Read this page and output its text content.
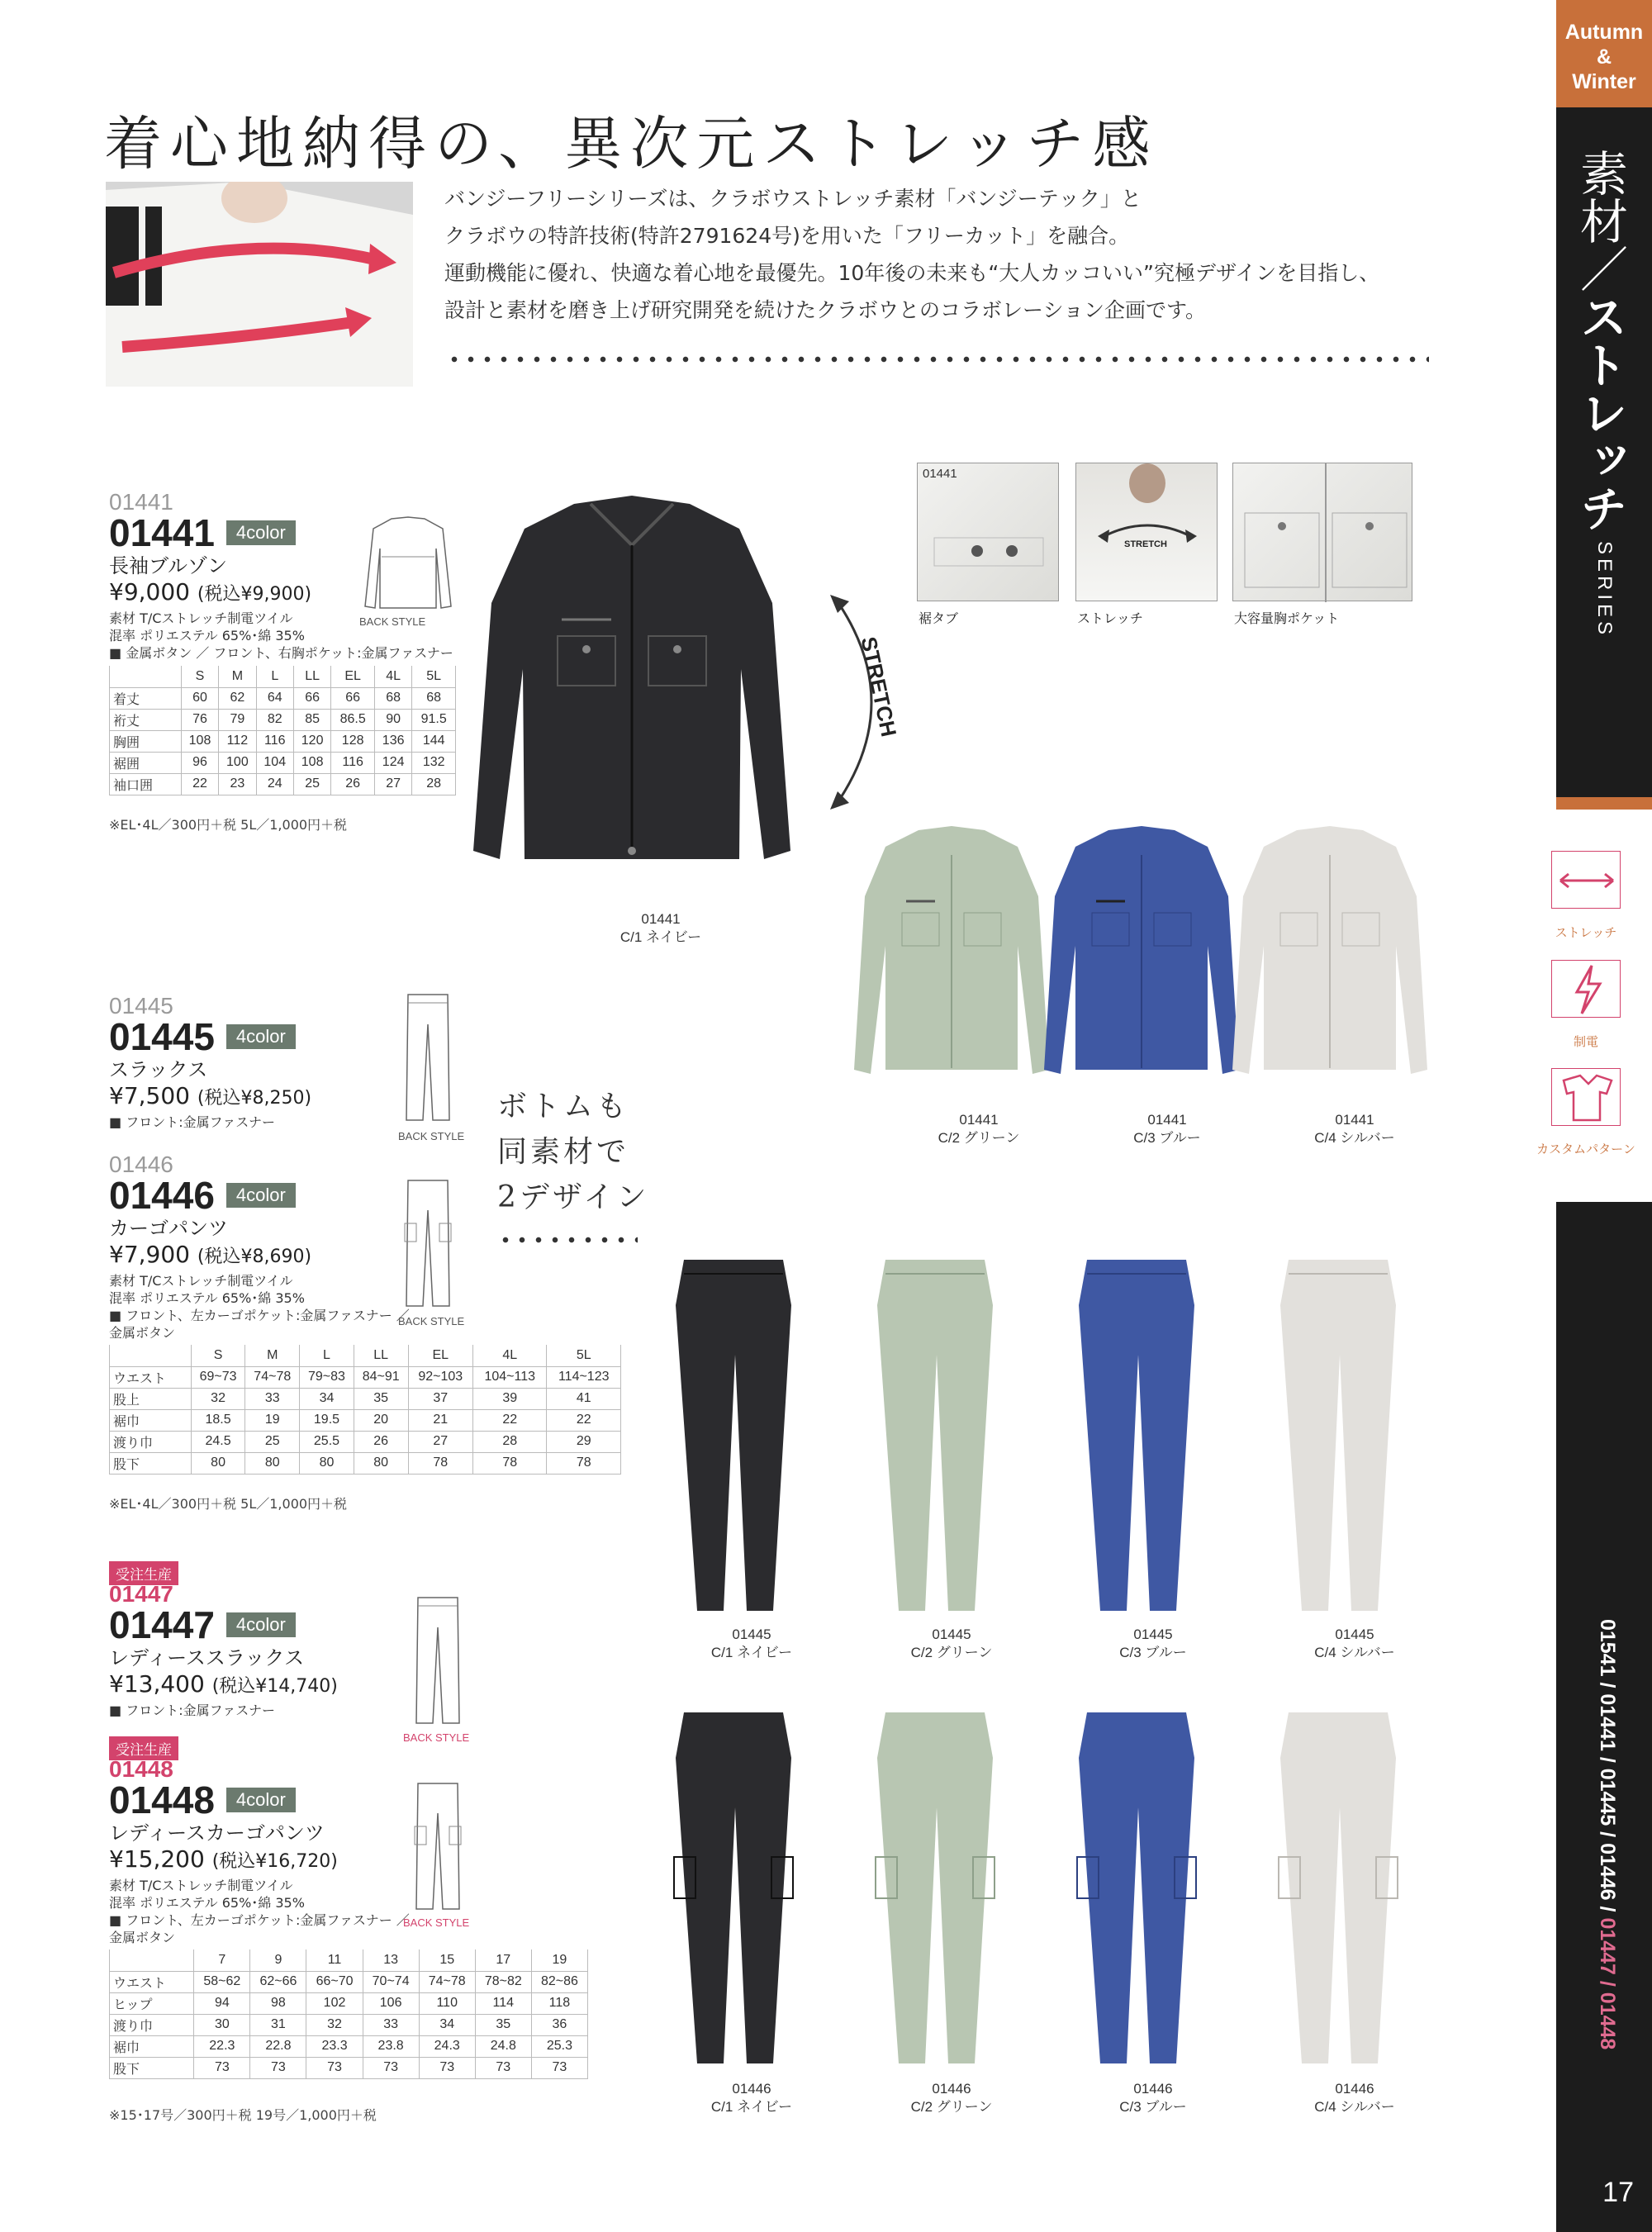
Autumn
&
Winter
素材／ストレッチ
SERIES
01541 / 01441 / 01445 / 01446 / 01447 / 01448
17
着心地納得の、異次元ストレッチ感

バンジーフリーシリーズは、クラボウストレッチ素材「バンジーテック」と

クラボウの特許技術(特許2791624号)を用いた「フリーカット」を融合。

運動機能に優れ、快適な着心地を最優先。10年後の未来も“大人カッコいい”究極デザインを目指し、

設計と素材を磨き上げ研究開発を続けたクラボウとのコラボレーション企画です。

ストレッチ
制電
カスタムパターン
01441
裾タブ
STRETCH
ストレッチ	大容量胸ポケット
01441
C/1 ネイビー
STRETCH
01441
C/2 グリーン
01441
C/3 ブルー
01441
C/4 シルバー
01441
01441	4color
長袖ブルゾン
¥9,000 (税込¥9,900)
素材 T/Cストレッチ制電ツイル
混率 ポリエステル 65%･綿 35%
■ 金属ボタン ／ フロント、右胸ポケット:金属ファスナー
BACK STYLE
	S	M	L	LL	EL	4L	5L
着丈	60	62	64	66	66	68	68
裄丈	76	79	82	85	86.5	90	91.5
胸囲	108	112	116	120	128	136	144
裾囲	96	100	104	108	116	124	132
袖口囲	22	23	24	25	26	27	28
※EL･4L／300円＋税 5L／1,000円＋税
01445
01445	4color
スラックス
¥7,500 (税込¥8,250)
■ フロント:金属ファスナー
BACK STYLE
ボトムも
同素材で
2デザイン
01446
01446	4color
カーゴパンツ
¥7,900 (税込¥8,690)
素材 T/Cストレッチ制電ツイル
混率 ポリエステル 65%･綿 35%
■ フロント、左カーゴポケット:金属ファスナー ／
金属ボタン
BACK STYLE
	S	M	L	LL	EL	4L	5L
ウエスト	69~73	74~78	79~83	84~91	92~103	104~113	114~123
股上	32	33	34	35	37	39	41
裾巾	18.5	19	19.5	20	21	22	22
渡り巾	24.5	25	25.5	26	27	28	29
股下	80	80	80	80	78	78	78
※EL･4L／300円＋税 5L／1,000円＋税
受注生産
01447
01447	4color
レディーススラックス
¥13,400 (税込¥14,740)
■ フロント:金属ファスナー
BACK STYLE
受注生産
01448
01448	4color
レディースカーゴパンツ
¥15,200 (税込¥16,720)
素材 T/Cストレッチ制電ツイル
混率 ポリエステル 65%･綿 35%
■ フロント、左カーゴポケット:金属ファスナー ／
金属ボタン
BACK STYLE
	7	9	11	13	15	17	19
ウエスト	58~62	62~66	66~70	70~74	74~78	78~82	82~86
ヒップ	94	98	102	106	110	114	118
渡り巾	30	31	32	33	34	35	36
裾巾	22.3	22.8	23.3	23.8	24.3	24.8	25.3
股下	73	73	73	73	73	73	73
※15･17号／300円＋税 19号／1,000円＋税
01445
C/1 ネイビー
01445
C/2 グリーン
01445
C/3 ブルー
01445
C/4 シルバー
01446
C/1 ネイビー
01446
C/2 グリーン
01446
C/3 ブルー
01446
C/4 シルバー
